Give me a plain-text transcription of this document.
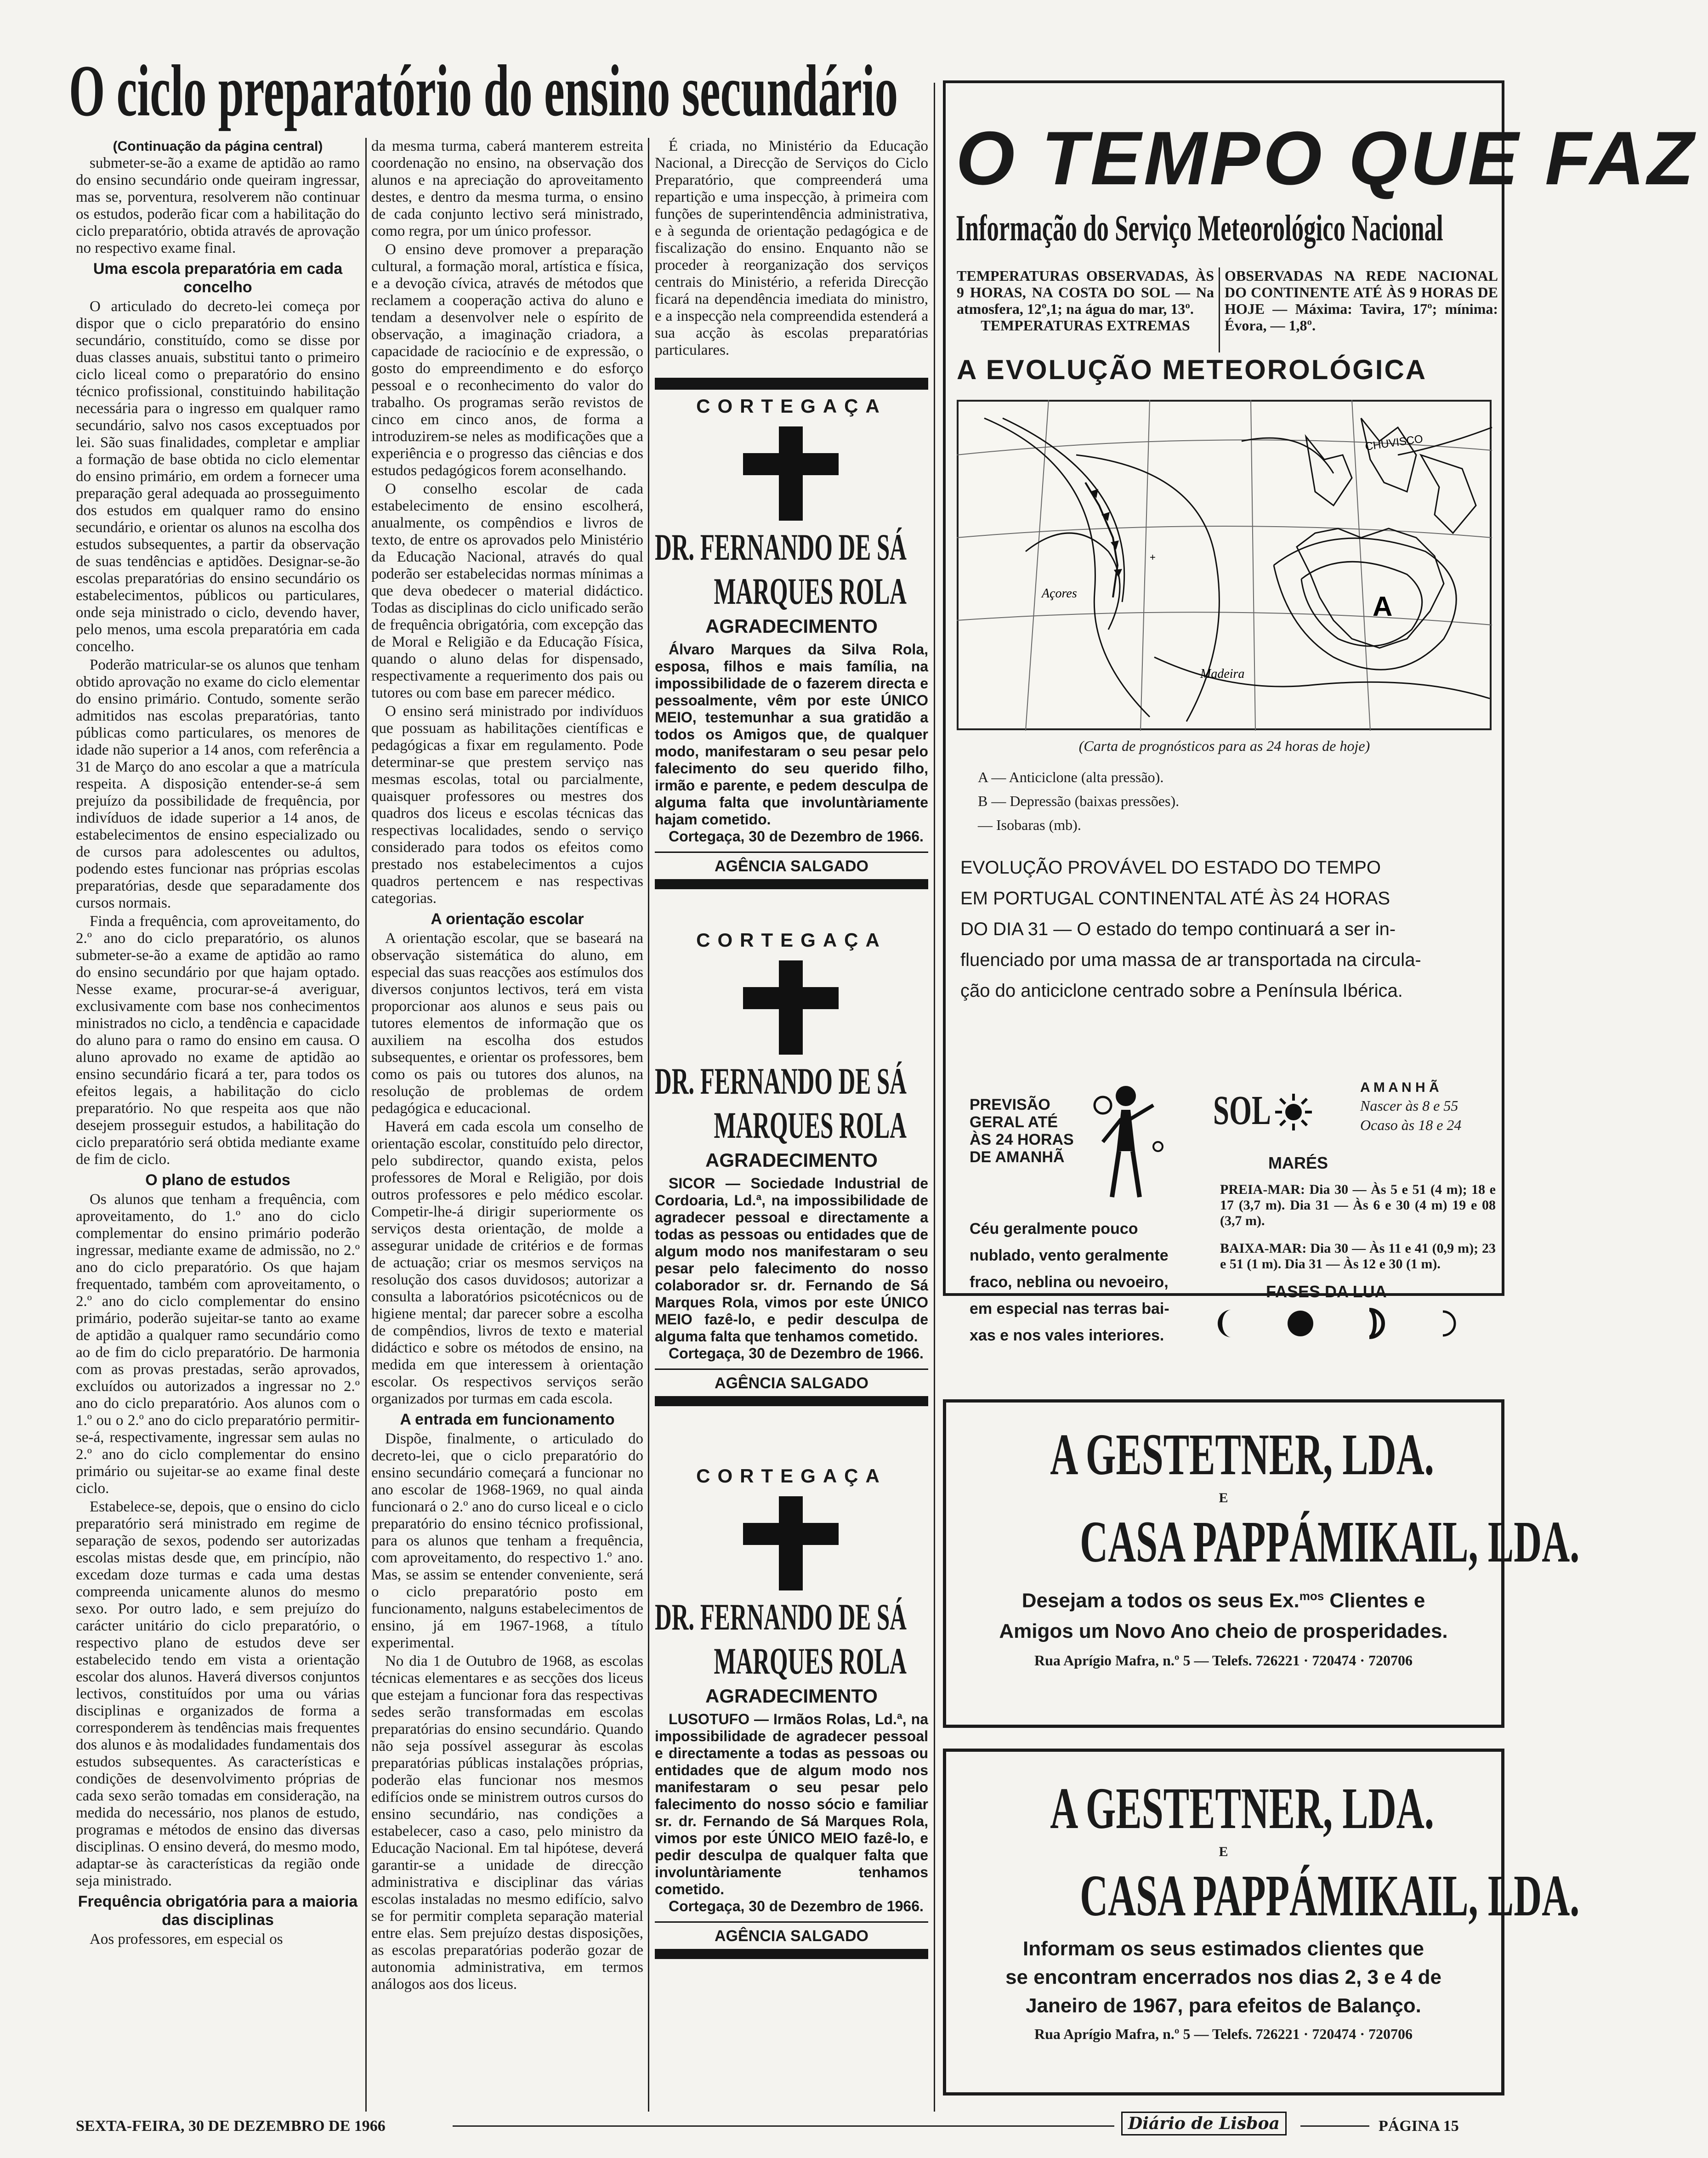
O ciclo preparatório do ensino secundário
(Continuação da página central)
submeter-se-ão a exame de aptidão ao ramo do ensino secundário onde queiram ingressar, mas se, porventura, resolverem não continuar os estudos, poderão ficar com a habilitação do ciclo preparatório, obtida através de aprovação no respectivo exame final.
Uma escola preparatória em cada concelho
O articulado do decreto-lei começa por dispor que o ciclo preparatório do ensino secundário, constituído, como se disse por duas classes anuais, substitui tanto o primeiro ciclo liceal como o preparatório do ensino técnico profissional, constituindo habilitação necessária para o ingresso em qualquer ramo secundário, salvo nos casos exceptuados por lei. São suas finalidades, completar e ampliar a formação de base obtida no ciclo elementar do ensino primário, em ordem a fornecer uma preparação geral adequada ao prosseguimento dos estudos em qualquer ramo do ensino secundário, e orientar os alunos na escolha dos estudos subsequentes, a partir da observação de suas tendências e aptidões. Designar-se-ão escolas preparatórias do ensino secundário os estabelecimentos, públicos ou particulares, onde seja ministrado o ciclo, devendo haver, pelo menos, uma escola preparatória em cada concelho.
Poderão matricular-se os alunos que tenham obtido aprovação no exame do ciclo elementar do ensino primário. Contudo, somente serão admitidos nas escolas preparatórias, tanto públicas como particulares, os menores de idade não superior a 14 anos, com referência a 31 de Março do ano escolar a que a matrícula respeita. A disposição entender-se-á sem prejuízo da possibilidade de frequência, por indivíduos de idade superior a 14 anos, de estabelecimentos de ensino especializado ou de cursos para adolescentes ou adultos, podendo estes funcionar nas próprias escolas preparatórias, desde que separadamente dos cursos normais.
Finda a frequência, com aproveitamento, do 2.º ano do ciclo preparatório, os alunos submeter-se-ão a exame de aptidão ao ramo do ensino secundário por que hajam optado. Nesse exame, procurar-se-á averiguar, exclusivamente com base nos conhecimentos ministrados no ciclo, a tendência e capacidade do aluno para o ramo do ensino em causa. O aluno aprovado no exame de aptidão ao ensino secundário ficará a ter, para todos os efeitos legais, a habilitação do ciclo preparatório. No que respeita aos que não desejem prosseguir estudos, a habilitação do ciclo preparatório será obtida mediante exame de fim de ciclo.
O plano de estudos
Os alunos que tenham a frequência, com aproveitamento, do 1.º ano do ciclo complementar do ensino primário poderão ingressar, mediante exame de admissão, no 2.º ano do ciclo preparatório. Os que hajam frequentado, também com aproveitamento, o 2.º ano do ciclo complementar do ensino primário, poderão sujeitar-se tanto ao exame de aptidão a qualquer ramo secundário como ao de fim do ciclo preparatório. De harmonia com as provas prestadas, serão aprovados, excluídos ou autorizados a ingressar no 2.º ano do ciclo preparatório. Aos alunos com o 1.º ou o 2.º ano do ciclo preparatório permitir-se-á, respectivamente, ingressar sem aulas no 2.º ano do ciclo complementar do ensino primário ou sujeitar-se ao exame final deste ciclo.
Estabelece-se, depois, que o ensino do ciclo preparatório será ministrado em regime de separação de sexos, podendo ser autorizadas escolas mistas desde que, em princípio, não excedam doze turmas e cada uma destas compreenda unicamente alunos do mesmo sexo. Por outro lado, e sem prejuízo do carácter unitário do ciclo preparatório, o respectivo plano de estudos deve ser estabelecido tendo em vista a orientação escolar dos alunos. Haverá diversos conjuntos lectivos, constituídos por uma ou várias disciplinas e organizados de forma a corresponderem às tendências mais frequentes dos alunos e às modalidades fundamentais dos estudos subsequentes. As características e condições de desenvolvimento próprias de cada sexo serão tomadas em consideração, na medida do necessário, nos planos de estudo, programas e métodos de ensino das diversas disciplinas. O ensino deverá, do mesmo modo, adaptar-se às características da região onde seja ministrado.
Frequência obrigatória para a maioria das disciplinas
Aos professores, em especial os
da mesma turma, caberá manterem estreita coordenação no ensino, na observação dos alunos e na apreciação do aproveitamento destes, e dentro da mesma turma, o ensino de cada conjunto lectivo será ministrado, como regra, por um único professor.
O ensino deve promover a preparação cultural, a formação moral, artística e física, e a devoção cívica, através de métodos que reclamem a cooperação activa do aluno e tendam a desenvolver nele o espírito de observação, a imaginação criadora, a capacidade de raciocínio e de expressão, o gosto do empreendimento e do esforço pessoal e o reconhecimento do valor do trabalho. Os programas serão revistos de cinco em cinco anos, de forma a introduzirem-se neles as modificações que a experiência e o progresso das ciências e dos estudos pedagógicos forem aconselhando.
O conselho escolar de cada estabelecimento de ensino escolherá, anualmente, os compêndios e livros de texto, de entre os aprovados pelo Ministério da Educação Nacional, através do qual poderão ser estabelecidas normas mínimas a que deva obedecer o material didáctico. Todas as disciplinas do ciclo unificado serão de frequência obrigatória, com excepção das de Moral e Religião e da Educação Física, quando o aluno delas for dispensado, respectivamente a requerimento dos pais ou tutores ou com base em parecer médico.
O ensino será ministrado por indivíduos que possuam as habilitações científicas e pedagógicas a fixar em regulamento. Pode determinar-se que prestem serviço nas mesmas escolas, total ou parcialmente, quaisquer professores ou mestres dos quadros dos liceus e escolas técnicas das respectivas localidades, sendo o serviço considerado para todos os efeitos como prestado nos estabelecimentos a cujos quadros pertencem e nas respectivas categorias.
A orientação escolar
A orientação escolar, que se baseará na observação sistemática do aluno, em especial das suas reacções aos estímulos dos diversos conjuntos lectivos, terá em vista proporcionar aos alunos e seus pais ou tutores elementos de informação que os auxiliem na escolha dos estudos subsequentes, e orientar os professores, bem como os pais ou tutores dos alunos, na resolução de problemas de ordem pedagógica e educacional.
Haverá em cada escola um conselho de orientação escolar, constituído pelo director, pelo subdirector, quando exista, pelos professores de Moral e Religião, por dois outros professores e pelo médico escolar. Competir-lhe-á dirigir superiormente os serviços desta orientação, de molde a assegurar unidade de critérios e de formas de actuação; criar os mesmos serviços na resolução dos casos duvidosos; autorizar a consulta a laboratórios psicotécnicos ou de higiene mental; dar parecer sobre a escolha de compêndios, livros de texto e material didáctico e sobre os métodos de ensino, na medida em que interessem à orientação escolar. Os respectivos serviços serão organizados por turmas em cada escola.
A entrada em funcionamento
Dispõe, finalmente, o articulado do decreto-lei, que o ciclo preparatório do ensino secundário começará a funcionar no ano escolar de 1968-1969, no qual ainda funcionará o 2.º ano do curso liceal e o ciclo preparatório do ensino técnico profissional, para os alunos que tenham a frequência, com aproveitamento, do respectivo 1.º ano. Mas, se assim se entender conveniente, será o ciclo preparatório posto em funcionamento, nalguns estabelecimentos de ensino, já em 1967-1968, a título experimental.
No dia 1 de Outubro de 1968, as escolas técnicas elementares e as secções dos liceus que estejam a funcionar fora das respectivas sedes serão transformadas em escolas preparatórias do ensino secundário. Quando não seja possível assegurar às escolas preparatórias públicas instalações próprias, poderão elas funcionar nos mesmos edifícios onde se ministrem outros cursos do ensino secundário, nas condições a estabelecer, caso a caso, pelo ministro da Educação Nacional. Em tal hipótese, deverá garantir-se a unidade de direcção administrativa e disciplinar das várias escolas instaladas no mesmo edifício, salvo se for permitir completa separação material entre elas. Sem prejuízo destas disposições, as escolas preparatórias poderão gozar de autonomia administrativa, em termos análogos aos dos liceus.
É criada, no Ministério da Educação Nacional, a Direcção de Serviços do Ciclo Preparatório, que compreenderá uma repartição e uma inspecção, à primeira com funções de superintendência administrativa, e à segunda de orientação pedagógica e de fiscalização do ensino. Enquanto não se proceder à reorganização dos serviços centrais do Ministério, a referida Direcção ficará na dependência imediata do ministro, e a inspecção nela compreendida estenderá a sua acção às escolas preparatórias particulares.
CORTEGAÇA
DR. FERNANDO DE SÁ
MARQUES ROLA
AGRADECIMENTO

Álvaro Marques da Silva Rola, esposa, filhos e mais família, na impossibilidade de o fazerem directa e pessoalmente, vêm por este ÚNICO MEIO, testemunhar a sua gratidão a todos os Amigos que, de qualquer modo, manifestaram o seu pesar pelo falecimento do seu querido filho, irmão e parente, e pedem desculpa de alguma falta que involuntàriamente hajam cometido.

Cortegaça, 30 de Dezembro de 1966.

AGÊNCIA SALGADO
CORTEGAÇA
DR. FERNANDO DE SÁ
MARQUES ROLA
AGRADECIMENTO

SICOR — Sociedade Industrial de Cordoaria, Ld.ª, na impossibilidade de agradecer pessoal e directamente a todas as pessoas ou entidades que de algum modo nos manifestaram o seu pesar pelo falecimento do nosso colaborador sr. dr. Fernando de Sá Marques Rola, vimos por este ÚNICO MEIO fazê-lo, e pedir desculpa de alguma falta que tenhamos cometido.

Cortegaça, 30 de Dezembro de 1966.

AGÊNCIA SALGADO
CORTEGAÇA
DR. FERNANDO DE SÁ
MARQUES ROLA
AGRADECIMENTO

LUSOTUFO — Irmãos Rolas, Ld.ª, na impossibilidade de agradecer pessoal e directamente a todas as pessoas ou entidades que de algum modo nos manifestaram o seu pesar pelo falecimento do nosso sócio e familiar sr. dr. Fernando de Sá Marques Rola, vimos por este ÚNICO MEIO fazê-lo, e pedir desculpa de qualquer falta que involuntàriamente tenhamos cometido.

Cortegaça, 30 de Dezembro de 1966.

AGÊNCIA SALGADO
O TEMPO QUE FAZ
Informação do Serviço Meteorológico Nacional
TEMPERATURAS OBSERVADAS, ÀS 9 HORAS, NA COSTA DO SOL — Na atmosfera, 12º,1; na água do mar, 13º.
TEMPERATURAS EXTREMAS
OBSERVADAS NA REDE NACIONAL DO CONTINENTE ATÉ ÀS 9 HORAS DE HOJE — Máxima: Tavira, 17º; mínima: Évora, — 1,8º.
A EVOLUÇÃO METEOROLÓGICA
Açores
Madeira
CHUVISCO
A
+
(Carta de prognósticos para as 24 horas de hoje)
A — Anticiclone (alta pressão).
B — Depressão (baixas pressões).
— Isobaras (mb).
EVOLUÇÃO PROVÁVEL DO ESTADO DO TEMPO
EM PORTUGAL CONTINENTAL ATÉ ÀS 24 HORAS
DO DIA 31 — O estado do tempo continuará a ser in-
fluenciado por uma massa de ar transportada na circula-
ção do anticiclone centrado sobre a Península Ibérica.
PREVISÃO
GERAL ATÉ
ÀS 24 HORAS
DE AMANHÃ
Céu geralmente pouco
nublado, vento geralmente
fraco, neblina ou nevoeiro,
em especial nas terras bai-
xas e nos vales interiores.
A M A N H Ã
SOL	Nascer às 8 e 55
Ocaso às 18 e 24
MARÉS
PREIA-MAR: Dia 30 — Às 5 e 51 (4 m); 18 e 17 (3,7 m). Dia 31 — Às 6 e 30 (4 m) 19 e 08 (3,7 m).
BAIXA-MAR: Dia 30 — Às 11 e 41 (0,9 m); 23 e 51 (1 m). Dia 31 — Às 12 e 30 (1 m).
FASES DA LUA
A GESTETNER, LDA.
E
CASA PAPPÁMIKAIL, LDA.
Desejam a todos os seus Ex.$^{mos}$ Clientes e
Amigos um Novo Ano cheio de prosperidades.
Rua Aprígio Mafra, n.º 5 — Telefs. 726221 · 720474 · 720706
A GESTETNER, LDA.
E
CASA PAPPÁMIKAIL, LDA.
Informam os seus estimados clientes que
se encontram encerrados nos dias 2, 3 e 4 de
Janeiro de 1967, para efeitos de Balanço.
Rua Aprígio Mafra, n.º 5 — Telefs. 726221 · 720474 · 720706
SEXTA-FEIRA, 30 DE DEZEMBRO DE 1966	Diário de Lisboa	PÁGINA 15
